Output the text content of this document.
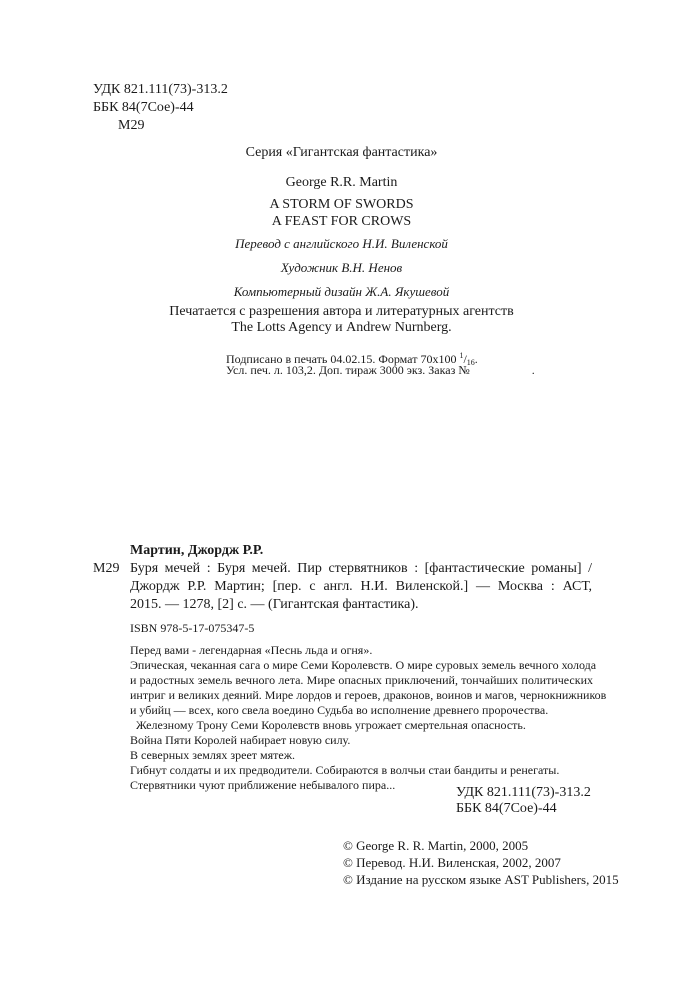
УДК 821.111(73)-313.2
ББК 84(7Сое)-44
М29
Серия «Гигантская фантастика»
George R.R. Martin
A STORM OF SWORDS
A FEAST FOR CROWS
Перевод с английского Н.И. Виленской
Художник В.Н. Ненов
Компьютерный дизайн Ж.А. Якушевой
Печатается с разрешения автора и литературных агентств
The Lotts Agency и Andrew Nurnberg.
Подписано в печать 04.02.15. Формат 70x100 $^1/_{16}$.
Усл. печ. л. 103,2. Доп. тираж 3000 экз. Заказ №	.
Мартин, Джордж Р.Р.
М29 Буря мечей : Буря мечей. Пир стервятников : [фантастические романы] /
Джордж Р.Р. Мартин; [пер. с англ. Н.И. Виленской.] — Москва : АСТ,
2015. — 1278, [2] с. — (Гигантская фантастика).
ISBN 978-5-17-075347-5
Перед вами - легендарная «Песнь льда и огня».
Эпическая, чеканная сага о мире Семи Королевств. О мире суровых земель вечного холода
и радостных земель вечного лета. Мире опасных приключений, тончайших политических
интриг и великих деяний. Мире лордов и героев, драконов, воинов и магов, чернокнижников
и убийц — всех, кого свела воедино Судьба во исполнение древнего пророчества.
Железному Трону Семи Королевств вновь угрожает смертельная опасность.
Война Пяти Королей набирает новую силу.
В северных землях зреет мятеж.
Гибнут солдаты и их предводители. Собираются в волчьи стаи бандиты и ренегаты.
Стервятники чуют приближение небывалого пира...	УДК 821.111(73)-313.2
ББК 84(7Сое)-44
© George R. R. Martin, 2000, 2005
© Перевод. Н.И. Виленская, 2002, 2007
© Издание на русском языке AST Publishers, 2015
